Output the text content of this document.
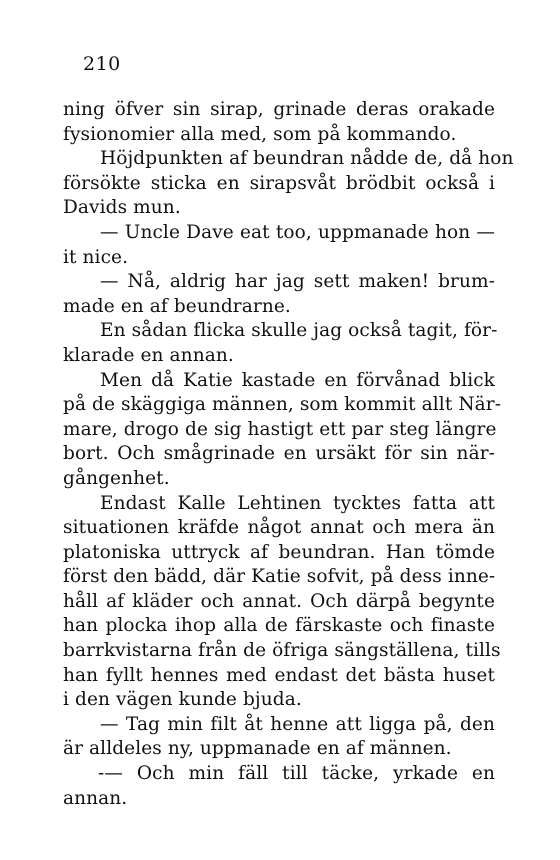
210
ning öfver sin sirap, grinade deras orakade
fysionomier alla med, som på kommando.
Höjdpunkten af beundran nådde de, då hon
försökte sticka en sirapsvåt brödbit också i
Davids mun.
— Uncle Dave eat too, uppmanade hon —
it nice.
— Nå, aldrig har jag sett maken! brum-
made en af beundrarne.
En sådan flicka skulle jag också tagit, för-
klarade en annan.
Men då Katie kastade en förvånad blick
på de skäggiga männen, som kommit allt När-
mare, drogo de sig hastigt ett par steg längre
bort. Och smågrinade en ursäkt för sin när-
gångenhet.
Endast Kalle Lehtinen tycktes fatta att
situationen kräfde något annat och mera än
platoniska uttryck af beundran. Han tömde
först den bädd, där Katie sofvit, på dess inne-
håll af kläder och annat. Och därpå begynte
han plocka ihop alla de färskaste och finaste
barrkvistarna från de öfriga sängställena, tills
han fyllt hennes med endast det bästa huset
i den vägen kunde bjuda.
— Tag min filt åt henne att ligga på, den
är alldeles ny, uppmanade en af männen.
-— Och min fäll till täcke, yrkade en
annan.
